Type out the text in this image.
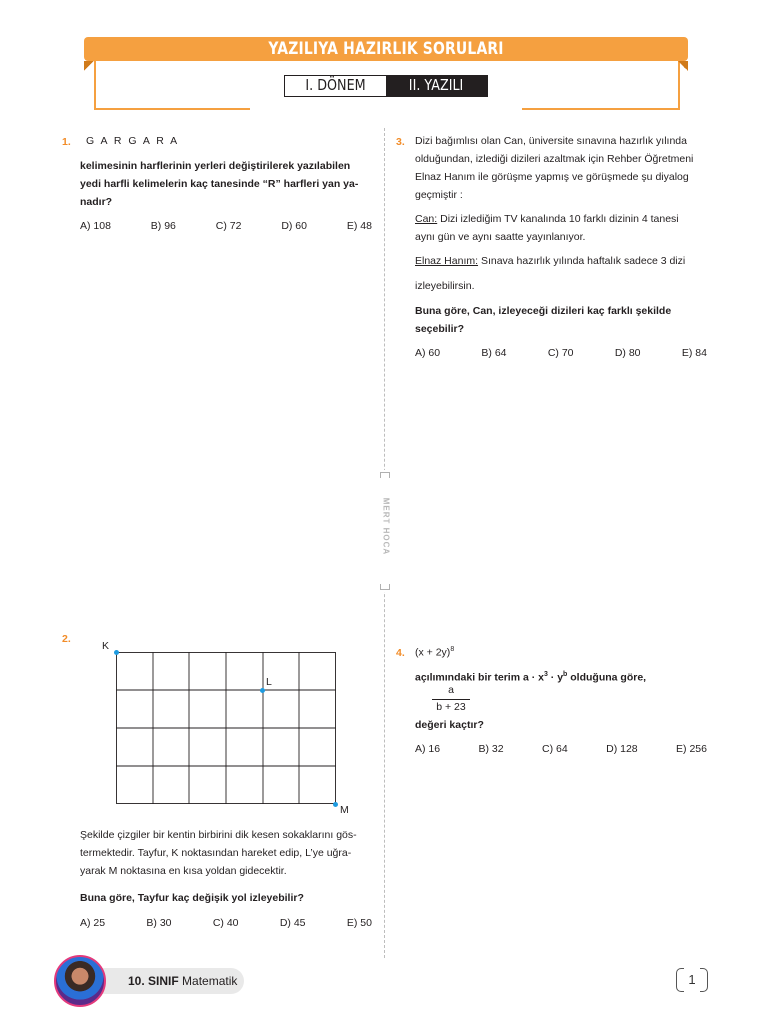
YAZILIYA HAZIRLIK SORULARI
I. DÖNEM	II. YAZILI
MERT HOCA
1. G A R G A R A
kelimesinin harflerinin yerleri değiştirilerek yazılabilen
yedi harfli kelimelerin kaç tanesinde “R” harfleri yan ya-
nadır?
A) 108	B) 96	C) 72	D) 60	E) 48
2.
K
L
M
Şekilde çizgiler bir kentin birbirini dik kesen sokaklarını gös-
termektedir. Tayfur, K noktasından hareket edip, L’ye uğra-
yarak M noktasına en kısa yoldan gidecektir.
Buna göre, Tayfur kaç değişik yol izleyebilir?
A) 25	B) 30	C) 40	D) 45	E) 50
3. Dizi bağımlısı olan Can, üniversite sınavına hazırlık yılında
olduğundan, izlediği dizileri azaltmak için Rehber Öğretmeni
Elnaz Hanım ile görüşme yapmış ve görüşmede şu diyalog
geçmiştir :
Can: Dizi izlediğim TV kanalında 10 farklı dizinin 4 tanesi
aynı gün ve aynı saatte yayınlanıyor.
Elnaz Hanım: Sınava hazırlık yılında haftalık sadece 3 dizi
izleyebilirsin.
Buna göre, Can, izleyeceği dizileri kaç farklı şekilde
seçebilir?
A) 60	B) 64	C) 70	D) 80	E) 84
4. $(x + 2y)^8$
açılımındaki bir terim $a \cdot x^3 \cdot y^b$ olduğuna göre,
a
b + 23
değeri kaçtır?
A) 16	B) 32	C) 64	D) 128	E) 256
10. SINIF Matematik	1
